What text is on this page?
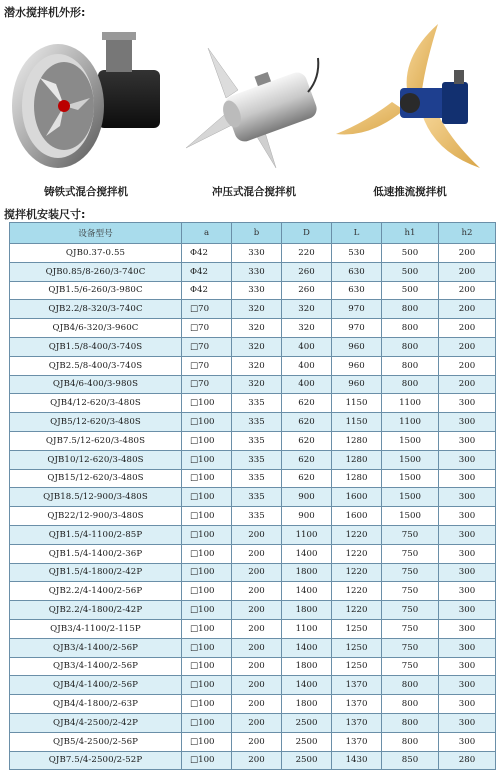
潜水搅拌机外形:
铸铁式混合搅拌机	冲压式混合搅拌机	低速推流搅拌机
搅拌机安装尺寸:
设备型号	a	b	D	L	h1	h2
QJB0.37-0.55	Φ42	330	220	530	500	200
QJB0.85/8-260/3-740C	Φ42	330	260	630	500	200
QJB1.5/6-260/3-980C	Φ42	330	260	630	500	200
QJB2.2/8-320/3-740C	□70	320	320	970	800	200
QJB4/6-320/3-960C	□70	320	320	970	800	200
QJB1.5/8-400/3-740S	□70	320	400	960	800	200
QJB2.5/8-400/3-740S	□70	320	400	960	800	200
QJB4/6-400/3-980S	□70	320	400	960	800	200
QJB4/12-620/3-480S	□100	335	620	1150	1100	300
QJB5/12-620/3-480S	□100	335	620	1150	1100	300
QJB7.5/12-620/3-480S	□100	335	620	1280	1500	300
QJB10/12-620/3-480S	□100	335	620	1280	1500	300
QJB15/12-620/3-480S	□100	335	620	1280	1500	300
QJB18.5/12-900/3-480S	□100	335	900	1600	1500	300
QJB22/12-900/3-480S	□100	335	900	1600	1500	300
QJB1.5/4-1100/2-85P	□100	200	1100	1220	750	300
QJB1.5/4-1400/2-36P	□100	200	1400	1220	750	300
QJB1.5/4-1800/2-42P	□100	200	1800	1220	750	300
QJB2.2/4-1400/2-56P	□100	200	1400	1220	750	300
QJB2.2/4-1800/2-42P	□100	200	1800	1220	750	300
QJB3/4-1100/2-115P	□100	200	1100	1250	750	300
QJB3/4-1400/2-56P	□100	200	1400	1250	750	300
QJB3/4-1400/2-56P	□100	200	1800	1250	750	300
QJB4/4-1400/2-56P	□100	200	1400	1370	800	300
QJB4/4-1800/2-63P	□100	200	1800	1370	800	300
QJB4/4-2500/2-42P	□100	200	2500	1370	800	300
QJB5/4-2500/2-56P	□100	200	2500	1370	800	300
QJB7.5/4-2500/2-52P	□100	200	2500	1430	850	280
